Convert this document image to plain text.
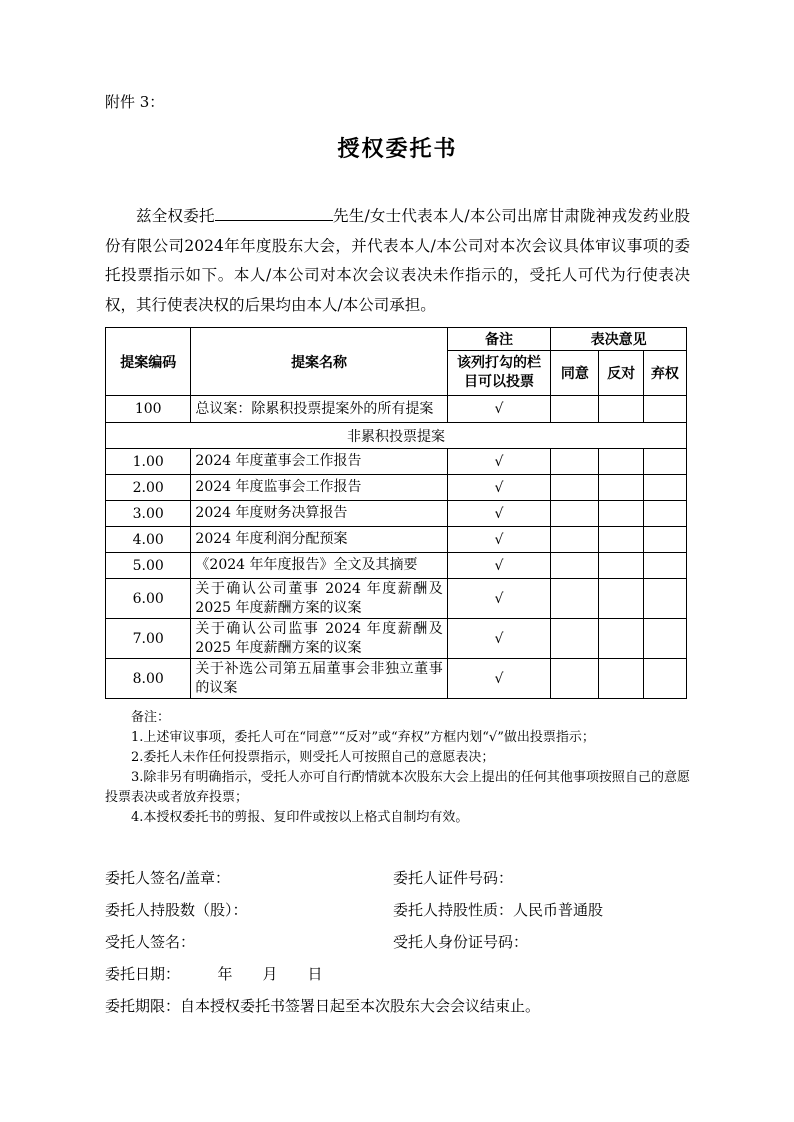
附件 3：
授权委托书

兹全权委托	先生/女士代表本人/本公司出席甘肃陇神戎发药业股份有限公司2024年年度股东大会，并代表本人/本公司对本次会议具体审议事项的委托投票指示如下。本人/本公司对本次会议表决未作指示的，受托人可代为行使表决权，其行使表决权的后果均由本人/本公司承担。

提案编码	提案名称	备注	表决意见		
		该列打勾的栏目可以投票	同意	反对	弃权
100	总议案：除累积投票提案外的所有提案	√			
非累积投票提案					
1.00	2024 年度董事会工作报告	√			
2.00	2024 年度监事会工作报告	√			
3.00	2024 年度财务决算报告	√			
4.00	2024 年度利润分配预案	√			
5.00	《2024 年年度报告》全文及其摘要	√			
6.00	关于确认公司董事 2024 年度薪酬及 2025 年度薪酬方案的议案	√			
7.00	关于确认公司监事 2024 年度薪酬及 2025 年度薪酬方案的议案	√			
8.00	关于补选公司第五届董事会非独立董事的议案	√			

备注：

1.上述审议事项，委托人可在“同意”“反对”或“弃权”方框内划“√”做出投票指示；

2.委托人未作任何投票指示，则受托人可按照自己的意愿表决；

3.除非另有明确指示，受托人亦可自行酌情就本次股东大会上提出的任何其他事项按照自己的意愿投票表决或者放弃投票；

4.本授权委托书的剪报、复印件或按以上格式自制均有效。

委托人签名/盖章：	委托人证件号码：
委托人持股数（股）：	委托人持股性质：人民币普通股
受托人签名：	受托人身份证号码：
委托日期：　　　年　　月　　日
委托期限：自本授权委托书签署日起至本次股东大会会议结束止。
